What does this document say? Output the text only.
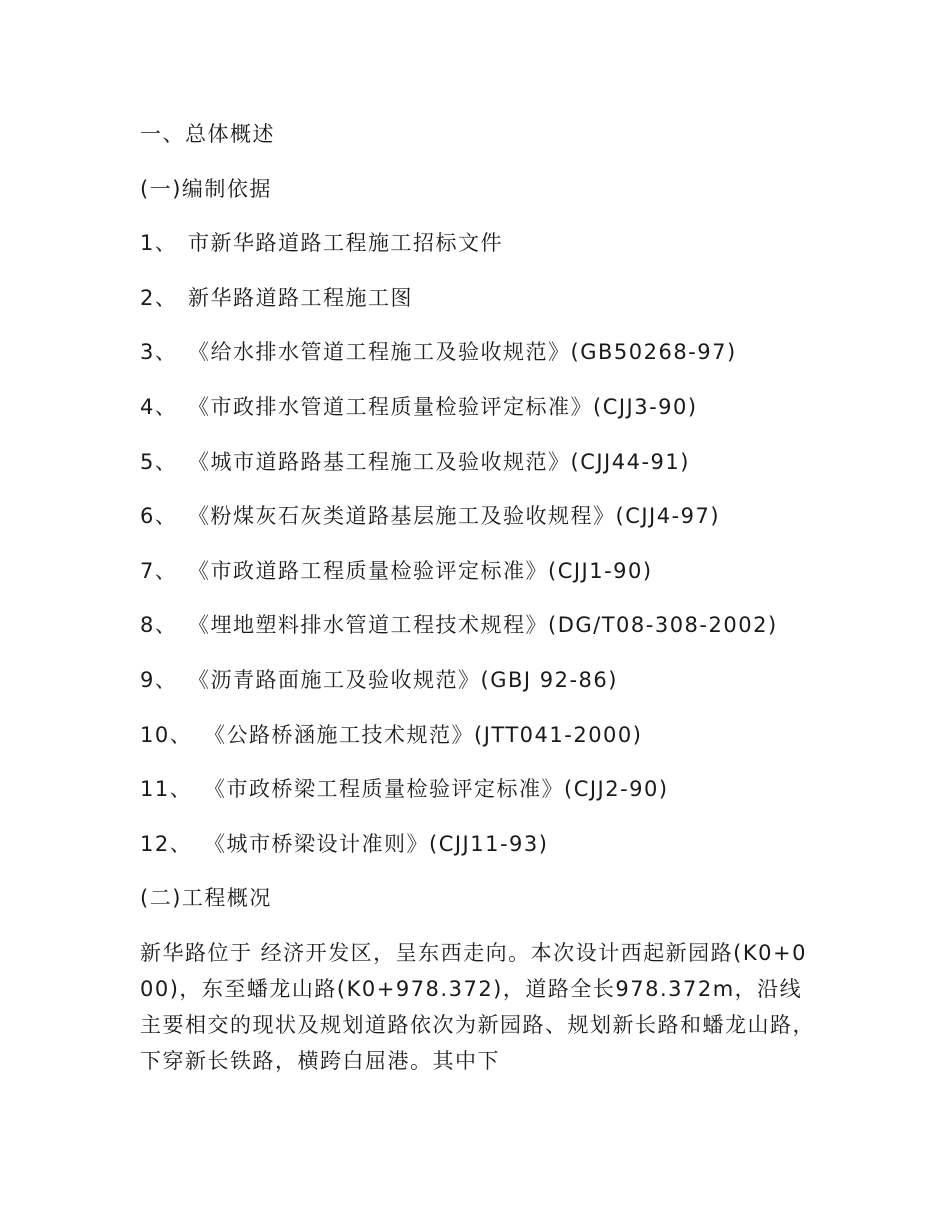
一、总体概述
(一)编制依据
1、 市新华路道路工程施工招标文件
2、 新华路道路工程施工图
3、 《给水排水管道工程施工及验收规范》(GB50268-97)
4、 《市政排水管道工程质量检验评定标准》(CJJ3-90)
5、 《城市道路路基工程施工及验收规范》(CJJ44-91)
6、 《粉煤灰石灰类道路基层施工及验收规程》(CJJ4-97)
7、 《市政道路工程质量检验评定标准》(CJJ1-90)
8、 《埋地塑料排水管道工程技术规程》(DG/T08-308-2002)
9、 《沥青路面施工及验收规范》(GBJ 92-86)
10、 《公路桥涵施工技术规范》(JTT041-2000)
11、 《市政桥梁工程质量检验评定标准》(CJJ2-90)
12、 《城市桥梁设计准则》(CJJ11-93)
(二)工程概况
新华路位于 经济开发区，呈东西走向。本次设计西起新园路(K0+000)，东至蟠龙山路(K0+978.372)，道路全长978.372m，沿线主要相交的现状及规划道路依次为新园路、规划新长路和蟠龙山路，下穿新长铁路，横跨白屈港。其中下
